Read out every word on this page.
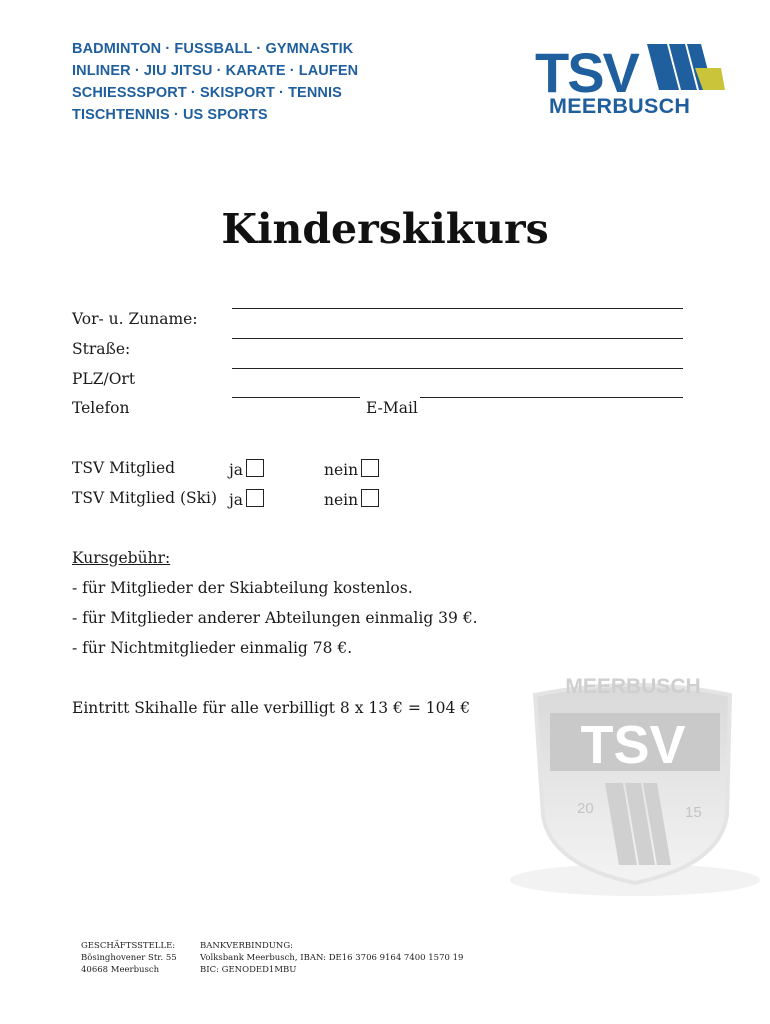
BADMINTON · FUSSBALL · GYMNASTIK
INLINER · JIU JITSU · KARATE · LAUFEN
SCHIESSSPORT · SKISPORT · TENNIS
TISCHTENNIS · US SPORTS
TSV
MEERBUSCH
Kinderskikurs
Vor- u. Zuname:
Straße:
PLZ/Ort
Telefon	E-Mail
TSV Mitglied	ja	nein
TSV Mitglied (Ski) ja	nein
MEERBUSCH
TSV
20	15
Kursgebühr:
- für Mitglieder der Skiabteilung kostenlos.
- für Mitglieder anderer Abteilungen einmalig 39 €.
- für Nichtmitglieder einmalig 78 €.
Eintritt Skihalle für alle verbilligt 8 x 13 € = 104 €
GESCHÄFTSSTELLE:
Bösinghovener Str. 55
40668 Meerbusch
BANKVERBINDUNG:
Volksbank Meerbusch, IBAN: DE16 3706 9164 7400 1570 19
BIC: GENODED1MBU
